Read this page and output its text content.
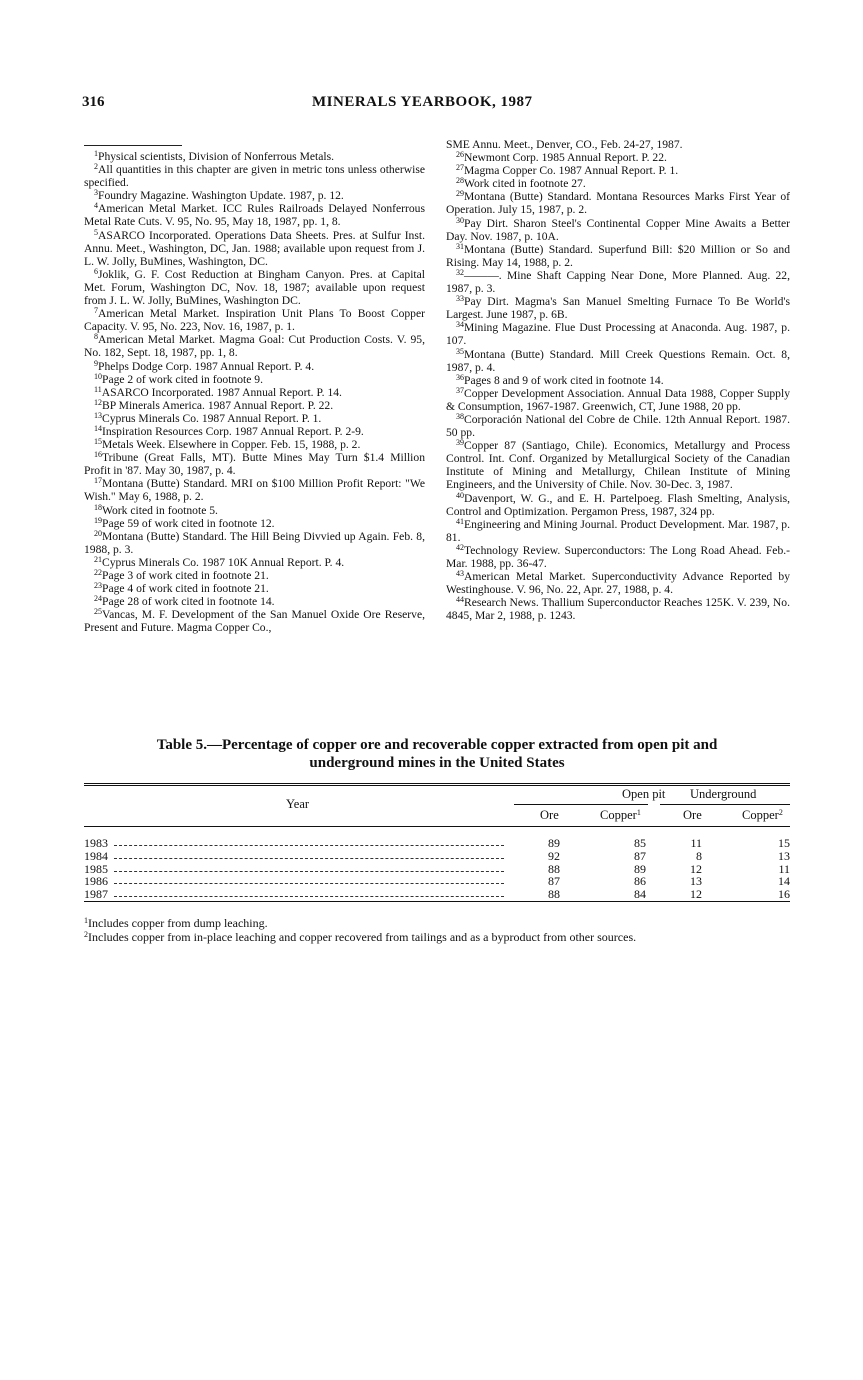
316	MINERALS YEARBOOK, 1987

$^1$Physical scientists, Division of Nonferrous Metals.

$^2$All quantities in this chapter are given in metric tons unless otherwise specified.

$^3$Foundry Magazine. Washington Update. 1987, p. 12.

$^4$American Metal Market. ICC Rules Railroads Delayed Nonferrous Metal Rate Cuts. V. 95, No. 95, May 18, 1987, pp. 1, 8.

$^5$ASARCO Incorporated. Operations Data Sheets. Pres. at Sulfur Inst. Annu. Meet., Washington, DC, Jan. 1988; available upon request from J. L. W. Jolly, BuMines, Washington, DC.

$^6$Joklik, G. F. Cost Reduction at Bingham Canyon. Pres. at Capital Met. Forum, Washington DC, Nov. 18, 1987; available upon request from J. L. W. Jolly, BuMines, Washington DC.

$^7$American Metal Market. Inspiration Unit Plans To Boost Copper Capacity. V. 95, No. 223, Nov. 16, 1987, p. 1.

$^8$American Metal Market. Magma Goal: Cut Production Costs. V. 95, No. 182, Sept. 18, 1987, pp. 1, 8.

$^9$Phelps Dodge Corp. 1987 Annual Report. P. 4.

$^{10}$Page 2 of work cited in footnote 9.

$^{11}$ASARCO Incorporated. 1987 Annual Report. P. 14.

$^{12}$BP Minerals America. 1987 Annual Report. P. 22.

$^{13}$Cyprus Minerals Co. 1987 Annual Report. P. 1.

$^{14}$Inspiration Resources Corp. 1987 Annual Report. P. 2-9.

$^{15}$Metals Week. Elsewhere in Copper. Feb. 15, 1988, p. 2.

$^{16}$Tribune (Great Falls, MT). Butte Mines May Turn $1.4 Million Profit in '87. May 30, 1987, p. 4.

$^{17}$Montana (Butte) Standard. MRI on $100 Million Profit Report: "We Wish." May 6, 1988, p. 2.

$^{18}$Work cited in footnote 5.

$^{19}$Page 59 of work cited in footnote 12.

$^{20}$Montana (Butte) Standard. The Hill Being Divvied up Again. Feb. 8, 1988, p. 3.

$^{21}$Cyprus Minerals Co. 1987 10K Annual Report. P. 4.

$^{22}$Page 3 of work cited in footnote 21.

$^{23}$Page 4 of work cited in footnote 21.

$^{24}$Page 28 of work cited in footnote 14.

$^{25}$Vancas, M. F. Development of the San Manuel Oxide Ore Reserve, Present and Future. Magma Copper Co.,

SME Annu. Meet., Denver, CO., Feb. 24-27, 1987.

$^{26}$Newmont Corp. 1985 Annual Report. P. 22.

$^{27}$Magma Copper Co. 1987 Annual Report. P. 1.

$^{28}$Work cited in footnote 27.

$^{29}$Montana (Butte) Standard. Montana Resources Marks First Year of Operation. July 15, 1987, p. 2.

$^{30}$Pay Dirt. Sharon Steel's Continental Copper Mine Awaits a Better Day. Nov. 1987, p. 10A.

$^{31}$Montana (Butte) Standard. Superfund Bill: $20 Million or So and Rising. May 14, 1988, p. 2.

$^{32}$———. Mine Shaft Capping Near Done, More Planned. Aug. 22, 1987, p. 3.

$^{33}$Pay Dirt. Magma's San Manuel Smelting Furnace To Be World's Largest. June 1987, p. 6B.

$^{34}$Mining Magazine. Flue Dust Processing at Anaconda. Aug. 1987, p. 107.

$^{35}$Montana (Butte) Standard. Mill Creek Questions Remain. Oct. 8, 1987, p. 4.

$^{36}$Pages 8 and 9 of work cited in footnote 14.

$^{37}$Copper Development Association. Annual Data 1988, Copper Supply & Consumption, 1967-1987. Greenwich, CT, June 1988, 20 pp.

$^{38}$Corporación National del Cobre de Chile. 12th Annual Report. 1987. 50 pp.

$^{39}$Copper 87 (Santiago, Chile). Economics, Metallurgy and Process Control. Int. Conf. Organized by Metallurgical Society of the Canadian Institute of Mining and Metallurgy, Chilean Institute of Mining Engineers, and the University of Chile. Nov. 30-Dec. 3, 1987.

$^{40}$Davenport, W. G., and E. H. Partelpoeg. Flash Smelting, Analysis, Control and Optimization. Pergamon Press, 1987, 324 pp.

$^{41}$Engineering and Mining Journal. Product Development. Mar. 1987, p. 81.

$^{42}$Technology Review. Superconductors: The Long Road Ahead. Feb.-Mar. 1988, pp. 36-47.

$^{43}$American Metal Market. Superconductivity Advance Reported by Westinghouse. V. 96, No. 22, Apr. 27, 1988, p. 4.

$^{44}$Research News. Thallium Superconductor Reaches 125K. V. 239, No. 4845, Mar 2, 1988, p. 1243.

Table 5.—Percentage of copper ore and recoverable copper extracted from open pit and
underground mines in the United States
Year
Open pit Underground
Ore	Copper$^1$	Ore	Copper$^2$
1983	89	85	11	15
1984	92	87	8	13
1985	88	89	12	11
1986	87	86	13	14
1987	88	84	12	16
$^1$Includes copper from dump leaching.
$^2$Includes copper from in-place leaching and copper recovered from tailings and as a byproduct from other sources.
